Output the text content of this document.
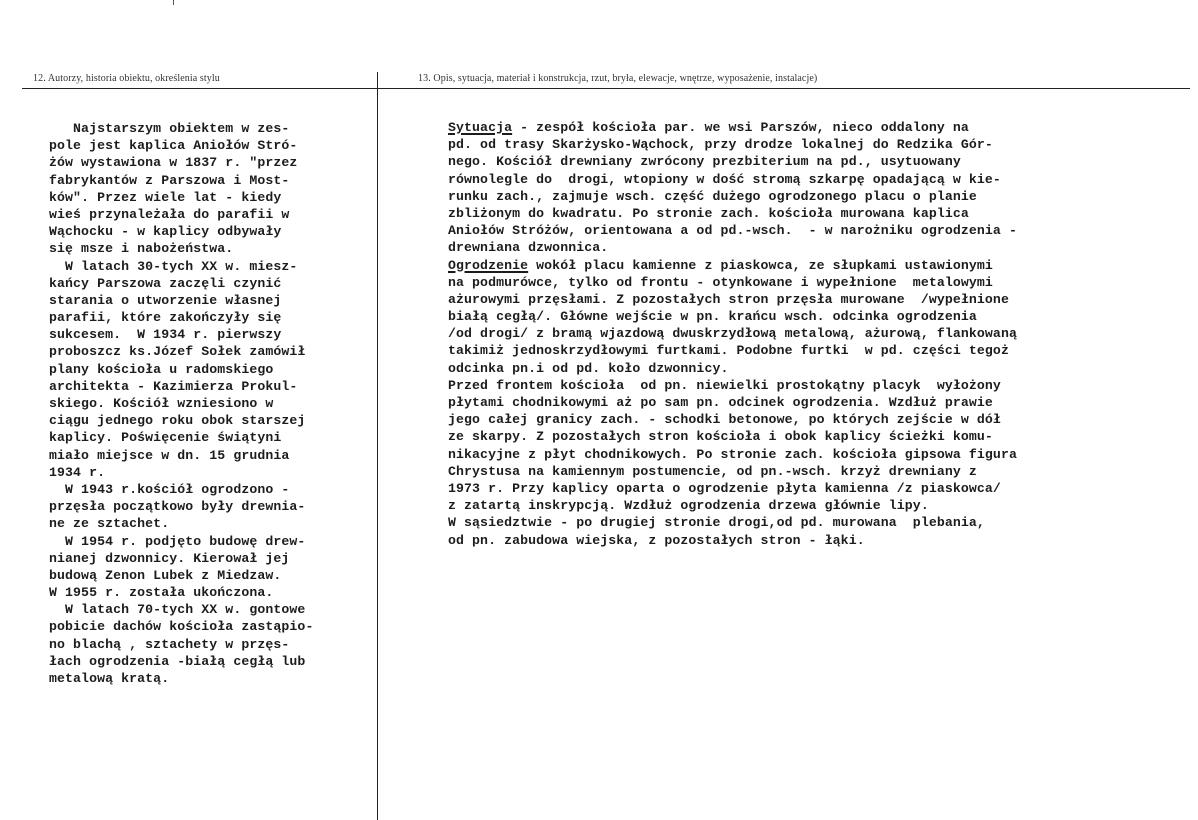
12. Autorzy, historia obiektu, określenia stylu	13. Opis, sytuacja, materiał i konstrukcja, rzut, bryła, elewacje, wnętrze, wyposażenie, instalacje)
Najstarszym obiektem w zes-
pole jest kaplica Aniołów Stró-
żów wystawiona w 1837 r. "przez
fabrykantów z Parszowa i Most-
ków". Przez wiele lat - kiedy
wieś przynależała do parafii w
Wąchocku - w kaplicy odbywały
się msze i nabożeństwa.
W latach 30-tych XX w. miesz-
kańcy Parszowa zaczęli czynić
starania o utworzenie własnej
parafii, które zakończyły się
sukcesem.  W 1934 r. pierwszy
proboszcz ks.Józef Sołek zamówił
plany kościoła u radomskiego
architekta - Kazimierza Prokul-
skiego. Kościół wzniesiono w
ciągu jednego roku obok starszej
kaplicy. Poświęcenie świątyni
miało miejsce w dn. 15 grudnia
1934 r.
W 1943 r.kościół ogrodzono -
przęsła początkowo były drewnia-
ne ze sztachet.
W 1954 r. podjęto budowę drew-
nianej dzwonnicy. Kierował jej
budową Zenon Lubek z Miedzaw.
W 1955 r. została ukończona.
W latach 70-tych XX w. gontowe
pobicie dachów kościoła zastąpio-
no blachą , sztachety w przęs-
łach ogrodzenia -białą cegłą lub
metalową kratą.
Sytuacja - zespół kościoła par. we wsi Parszów, nieco oddalony na
pd. od trasy Skarżysko-Wąchock, przy drodze lokalnej do Redzika Gór-
nego. Kościół drewniany zwrócony prezbiterium na pd., usytuowany
równolegle do  drogi, wtopiony w dość stromą szkarpę opadającą w kie-
runku zach., zajmuje wsch. część dużego ogrodzonego placu o planie
zbliżonym do kwadratu. Po stronie zach. kościoła murowana kaplica
Aniołów Stróżów, orientowana a od pd.-wsch.  - w narożniku ogrodzenia -
drewniana dzwonnica.
Ogrodzenie wokół placu kamienne z piaskowca, ze słupkami ustawionymi
na podmurówce, tylko od frontu - otynkowane i wypełnione  metalowymi
ażurowymi przęsłami. Z pozostałych stron przęsła murowane  /wypełnione
białą cegłą/. Główne wejście w pn. krańcu wsch. odcinka ogrodzenia
/od drogi/ z bramą wjazdową dwuskrzydłową metalową, ażurową, flankowaną
takimiż jednoskrzydłowymi furtkami. Podobne furtki  w pd. części tegoż
odcinka pn.i od pd. koło dzwonnicy.
Przed frontem kościoła  od pn. niewielki prostokątny placyk  wyłożony
płytami chodnikowymi aż po sam pn. odcinek ogrodzenia. Wzdłuż prawie
jego całej granicy zach. - schodki betonowe, po których zejście w dół
ze skarpy. Z pozostałych stron kościoła i obok kaplicy ścieżki komu-
nikacyjne z płyt chodnikowych. Po stronie zach. kościoła gipsowa figura
Chrystusa na kamiennym postumencie, od pn.-wsch. krzyż drewniany z
1973 r. Przy kaplicy oparta o ogrodzenie płyta kamienna /z piaskowca/
z zatartą inskrypcją. Wzdłuż ogrodzenia drzewa głównie lipy.
W sąsiedztwie - po drugiej stronie drogi,od pd. murowana  plebania,
od pn. zabudowa wiejska, z pozostałych stron - łąki.
